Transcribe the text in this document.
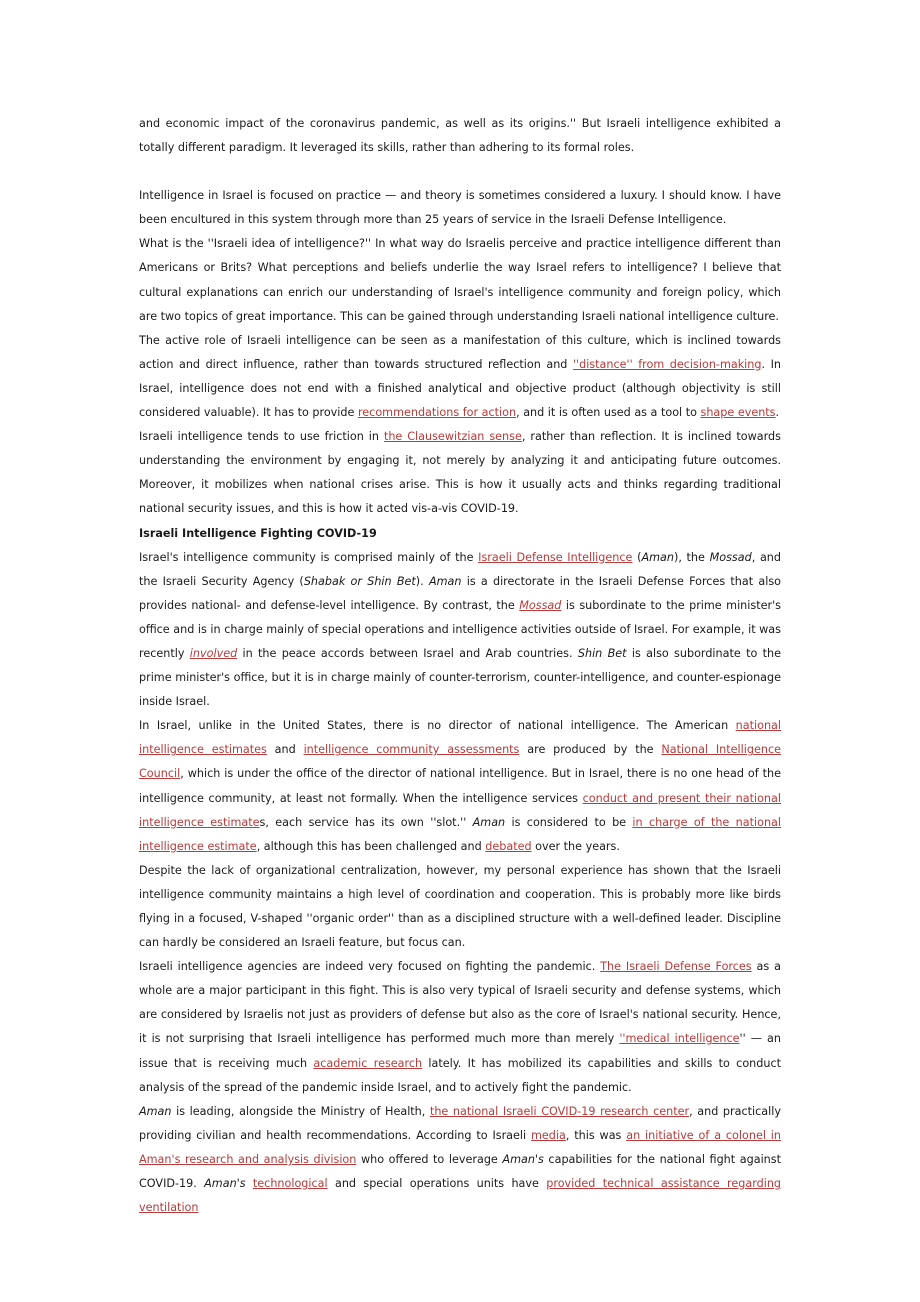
and economic impact of the coronavirus pandemic, as well as its origins.'' But Israeli intelligence exhibited a totally different paradigm. It leveraged its skills, rather than adhering to its formal roles.

Intelligence in Israel is focused on practice — and theory is sometimes considered a luxury. I should know. I have been encultured in this system through more than 25 years of service in the Israeli Defense Intelligence.

What is the ''Israeli idea of intelligence?'' In what way do Israelis perceive and practice intelligence different than Americans or Brits? What perceptions and beliefs underlie the way Israel refers to intelligence? I believe that cultural explanations can enrich our understanding of Israel's intelligence community and foreign policy, which are two topics of great importance. This can be gained through understanding Israeli national intelligence culture.

The active role of Israeli intelligence can be seen as a manifestation of this culture, which is inclined towards action and direct influence, rather than towards structured reflection and ''distance'' from decision-making. In Israel, intelligence does not end with a finished analytical and objective product (although objectivity is still considered valuable). It has to provide recommendations for action, and it is often used as a tool to shape events.

Israeli intelligence tends to use friction in the Clausewitzian sense, rather than reflection. It is inclined towards understanding the environment by engaging it, not merely by analyzing it and anticipating future outcomes. Moreover, it mobilizes when national crises arise. This is how it usually acts and thinks regarding traditional national security issues, and this is how it acted vis-a-vis COVID-19.

Israeli Intelligence Fighting COVID-19

Israel's intelligence community is comprised mainly of the Israeli Defense Intelligence (Aman), the Mossad, and the Israeli Security Agency (Shabak or Shin Bet). Aman is a directorate in the Israeli Defense Forces that also provides national- and defense-level intelligence. By contrast, the Mossad is subordinate to the prime minister's office and is in charge mainly of special operations and intelligence activities outside of Israel. For example, it was recently involved in the peace accords between Israel and Arab countries. Shin Bet is also subordinate to the prime minister's office, but it is in charge mainly of counter-terrorism, counter-intelligence, and counter-espionage inside Israel.

In Israel, unlike in the United States, there is no director of national intelligence. The American national intelligence estimates and intelligence community assessments are produced by the National Intelligence Council, which is under the office of the director of national intelligence. But in Israel, there is no one head of the intelligence community, at least not formally. When the intelligence services conduct and present their national intelligence estimates, each service has its own ''slot.'' Aman is considered to be in charge of the national intelligence estimate, although this has been challenged and debated over the years.

Despite the lack of organizational centralization, however, my personal experience has shown that the Israeli intelligence community maintains a high level of coordination and cooperation. This is probably more like birds flying in a focused, V-shaped ''organic order'' than as a disciplined structure with a well-defined leader. Discipline can hardly be considered an Israeli feature, but focus can.

Israeli intelligence agencies are indeed very focused on fighting the pandemic. The Israeli Defense Forces as a whole are a major participant in this fight. This is also very typical of Israeli security and defense systems, which are considered by Israelis not just as providers of defense but also as the core of Israel's national security. Hence, it is not surprising that Israeli intelligence has performed much more than merely ''medical intelligence'' — an issue that is receiving much academic research lately. It has mobilized its capabilities and skills to conduct analysis of the spread of the pandemic inside Israel, and to actively fight the pandemic.

Aman is leading, alongside the Ministry of Health, the national Israeli COVID-19 research center, and practically providing civilian and health recommendations. According to Israeli media, this was an initiative of a colonel in Aman's research and analysis division who offered to leverage Aman's capabilities for the national fight against COVID-19. Aman's technological and special operations units have provided technical assistance regarding ventilation
